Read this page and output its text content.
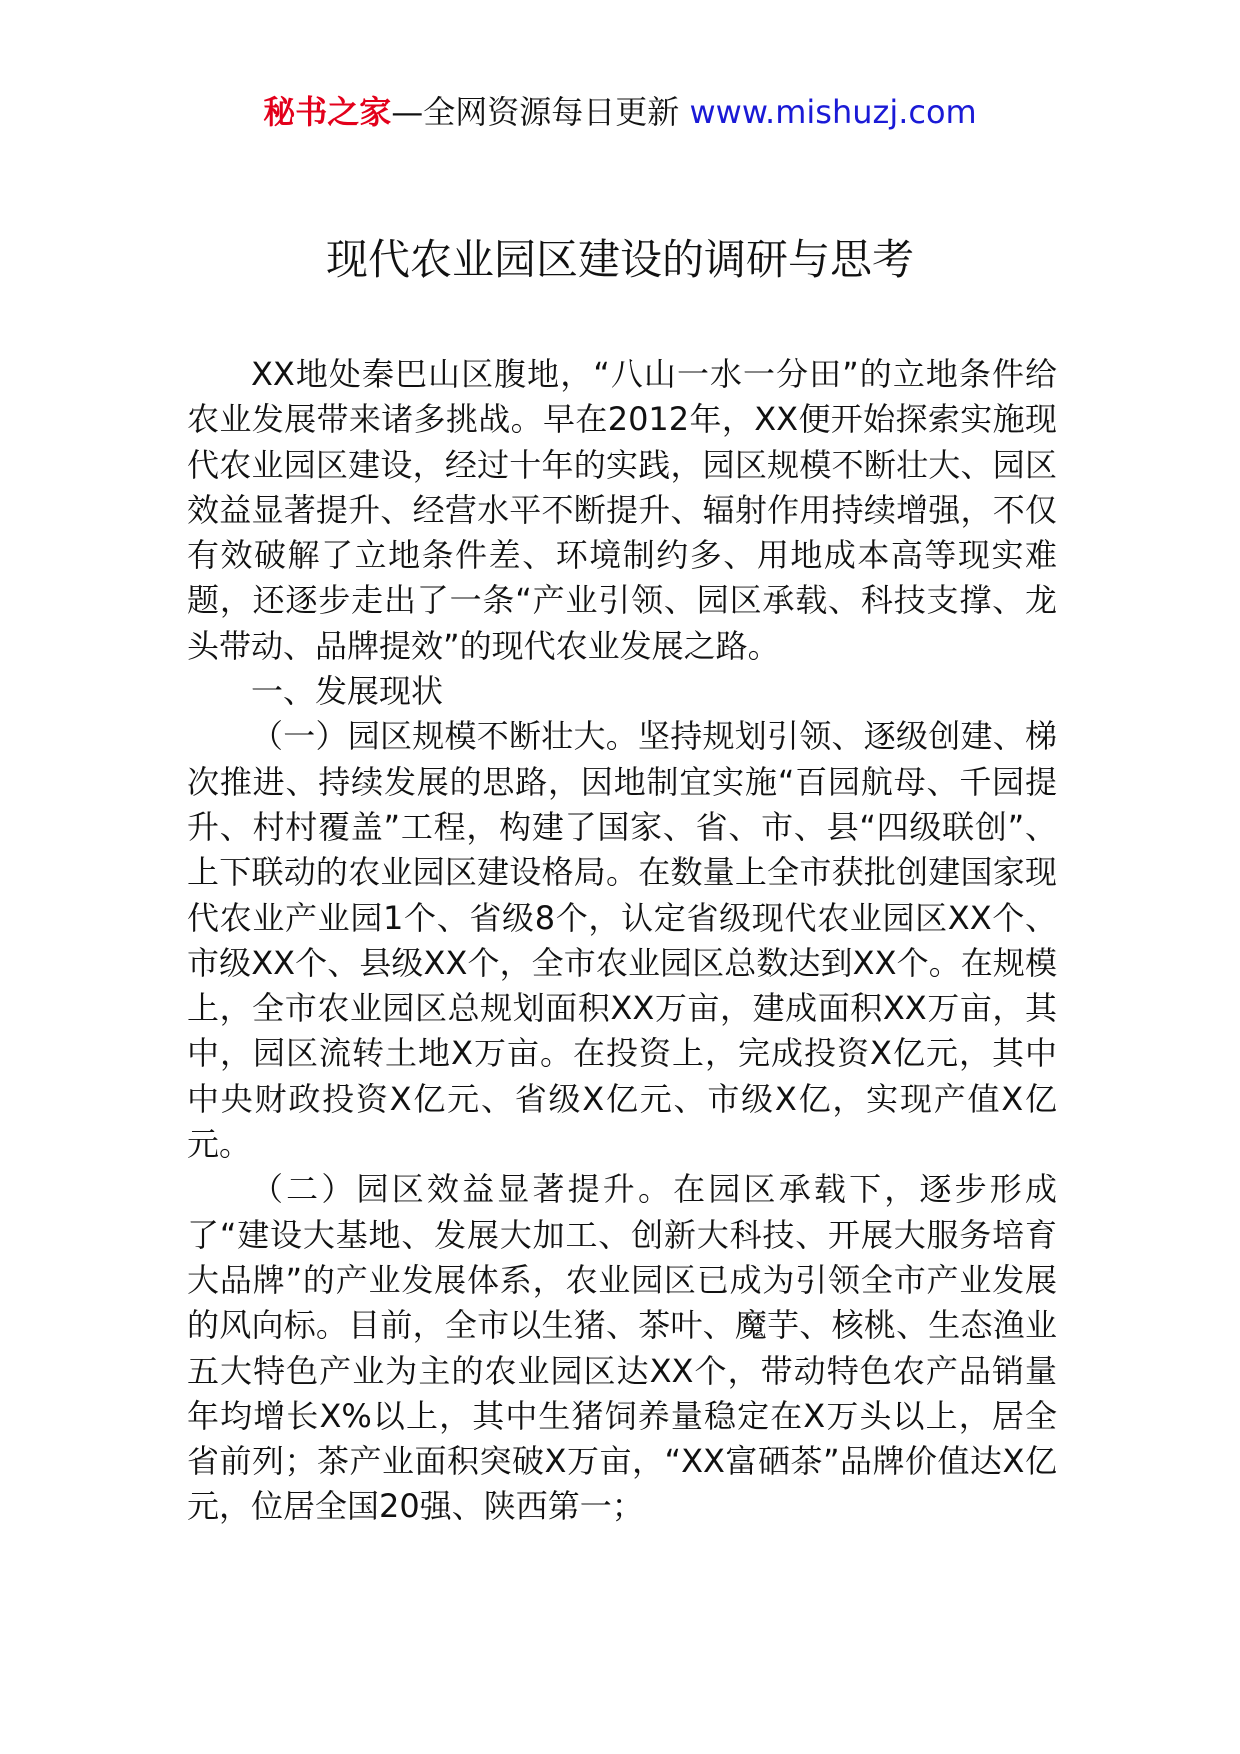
秘书之家—全网资源每日更新 www.mishuzj.com
现代农业园区建设的调研与思考

XX地处秦巴山区腹地，“八山一水一分田”的立地条件给农业发展带来诸多挑战。早在2012年，XX便开始探索实施现代农业园区建设，经过十年的实践，园区规模不断壮大、园区效益显著提升、经营水平不断提升、辐射作用持续增强，不仅有效破解了立地条件差、环境制约多、用地成本高等现实难题，还逐步走出了一条“产业引领、园区承载、科技支撑、龙头带动、品牌提效”的现代农业发展之路。

一、发展现状

（一）园区规模不断壮大。坚持规划引领、逐级创建、梯次推进、持续发展的思路，因地制宜实施“百园航母、千园提升、村村覆盖”工程，构建了国家、省、市、县“四级联创”、上下联动的农业园区建设格局。在数量上全市获批创建国家现代农业产业园1个、省级8个，认定省级现代农业园区XX个、市级XX个、县级XX个，全市农业园区总数达到XX个。在规模上，全市农业园区总规划面积XX万亩，建成面积XX万亩，其中，园区流转土地X万亩。在投资上，完成投资X亿元，其中中央财政投资X亿元、省级X亿元、市级X亿，实现产值X亿元。

（二）园区效益显著提升。在园区承载下，逐步形成了“建设大基地、发展大加工、创新大科技、开展大服务培育大品牌”的产业发展体系，农业园区已成为引领全市产业发展的风向标。目前，全市以生猪、茶叶、魔芋、核桃、生态渔业五大特色产业为主的农业园区达XX个，带动特色农产品销量年均增长X%以上，其中生猪饲养量稳定在X万头以上，居全省前列；茶产业面积突破X万亩，“XX富硒茶”品牌价值达X亿元，位居全国20强、陕西第一；
